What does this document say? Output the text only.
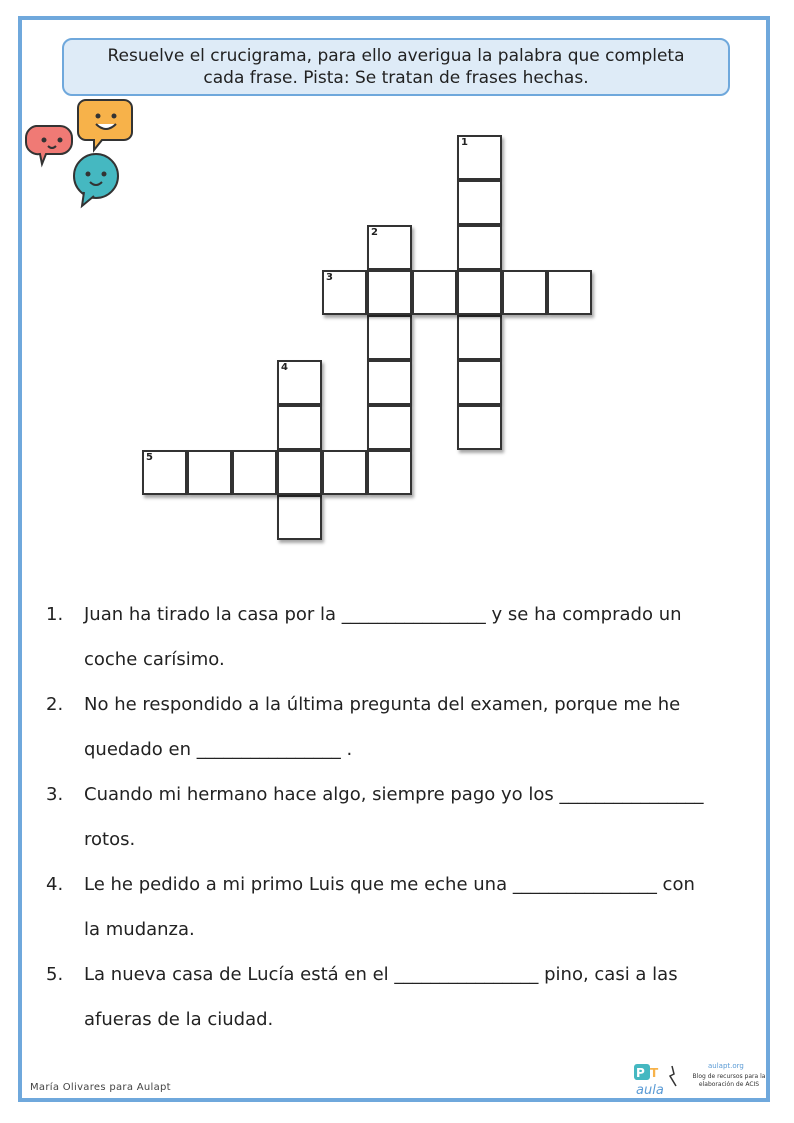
Resuelve el crucigrama, para ello averigua la palabra que completa
cada frase. Pista: Se tratan de frases hechas.
1
2
3
4
5
1. Juan ha tirado la casa por la ________________ y se ha comprado un
coche carísimo.
2. No he respondido a la última pregunta del examen, porque me he
quedado en ________________ .
3. Cuando mi hermano hace algo, siempre pago yo los ________________
rotos.
4. Le he pedido a mi primo Luis que me eche una ________________ con
la mudanza.
5. La nueva casa de Lucía está en el ________________ pino, casi a las
afueras de la ciudad.
María Olivares para Aulapt
P T
aula
aulapt.org
Blog de recursos para la elaboración de ACIS
